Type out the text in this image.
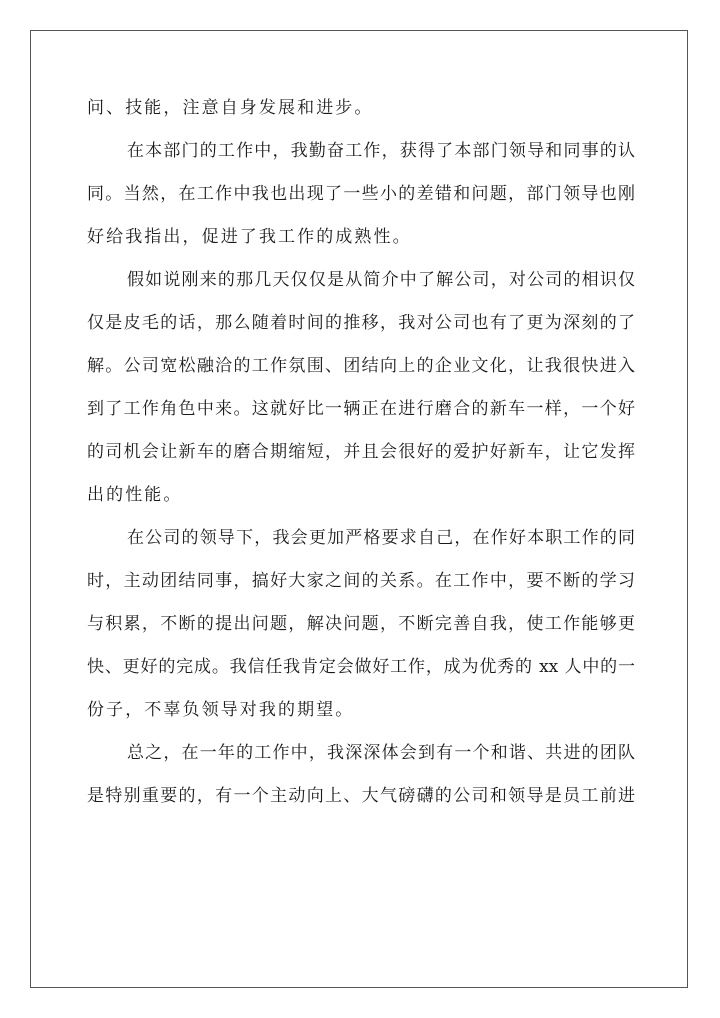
问、技能，注意自身发展和进步。
在本部门的工作中，我勤奋工作，获得了本部门领导和同事的认
同。当然，在工作中我也出现了一些小的差错和问题，部门领导也刚
好给我指出，促进了我工作的成熟性。
假如说刚来的那几天仅仅是从简介中了解公司，对公司的相识仅
仅是皮毛的话，那么随着时间的推移，我对公司也有了更为深刻的了
解。公司宽松融洽的工作氛围、团结向上的企业文化，让我很快进入
到了工作角色中来。这就好比一辆正在进行磨合的新车一样，一个好
的司机会让新车的磨合期缩短，并且会很好的爱护好新车，让它发挥
出的性能。
在公司的领导下，我会更加严格要求自己，在作好本职工作的同
时，主动团结同事，搞好大家之间的关系。在工作中，要不断的学习
与积累，不断的提出问题，解决问题，不断完善自我，使工作能够更
快、更好的完成。我信任我肯定会做好工作，成为优秀的 xx 人中的一
份子，不辜负领导对我的期望。
总之，在一年的工作中，我深深体会到有一个和谐、共进的团队
是特别重要的，有一个主动向上、大气磅礴的公司和领导是员工前进
